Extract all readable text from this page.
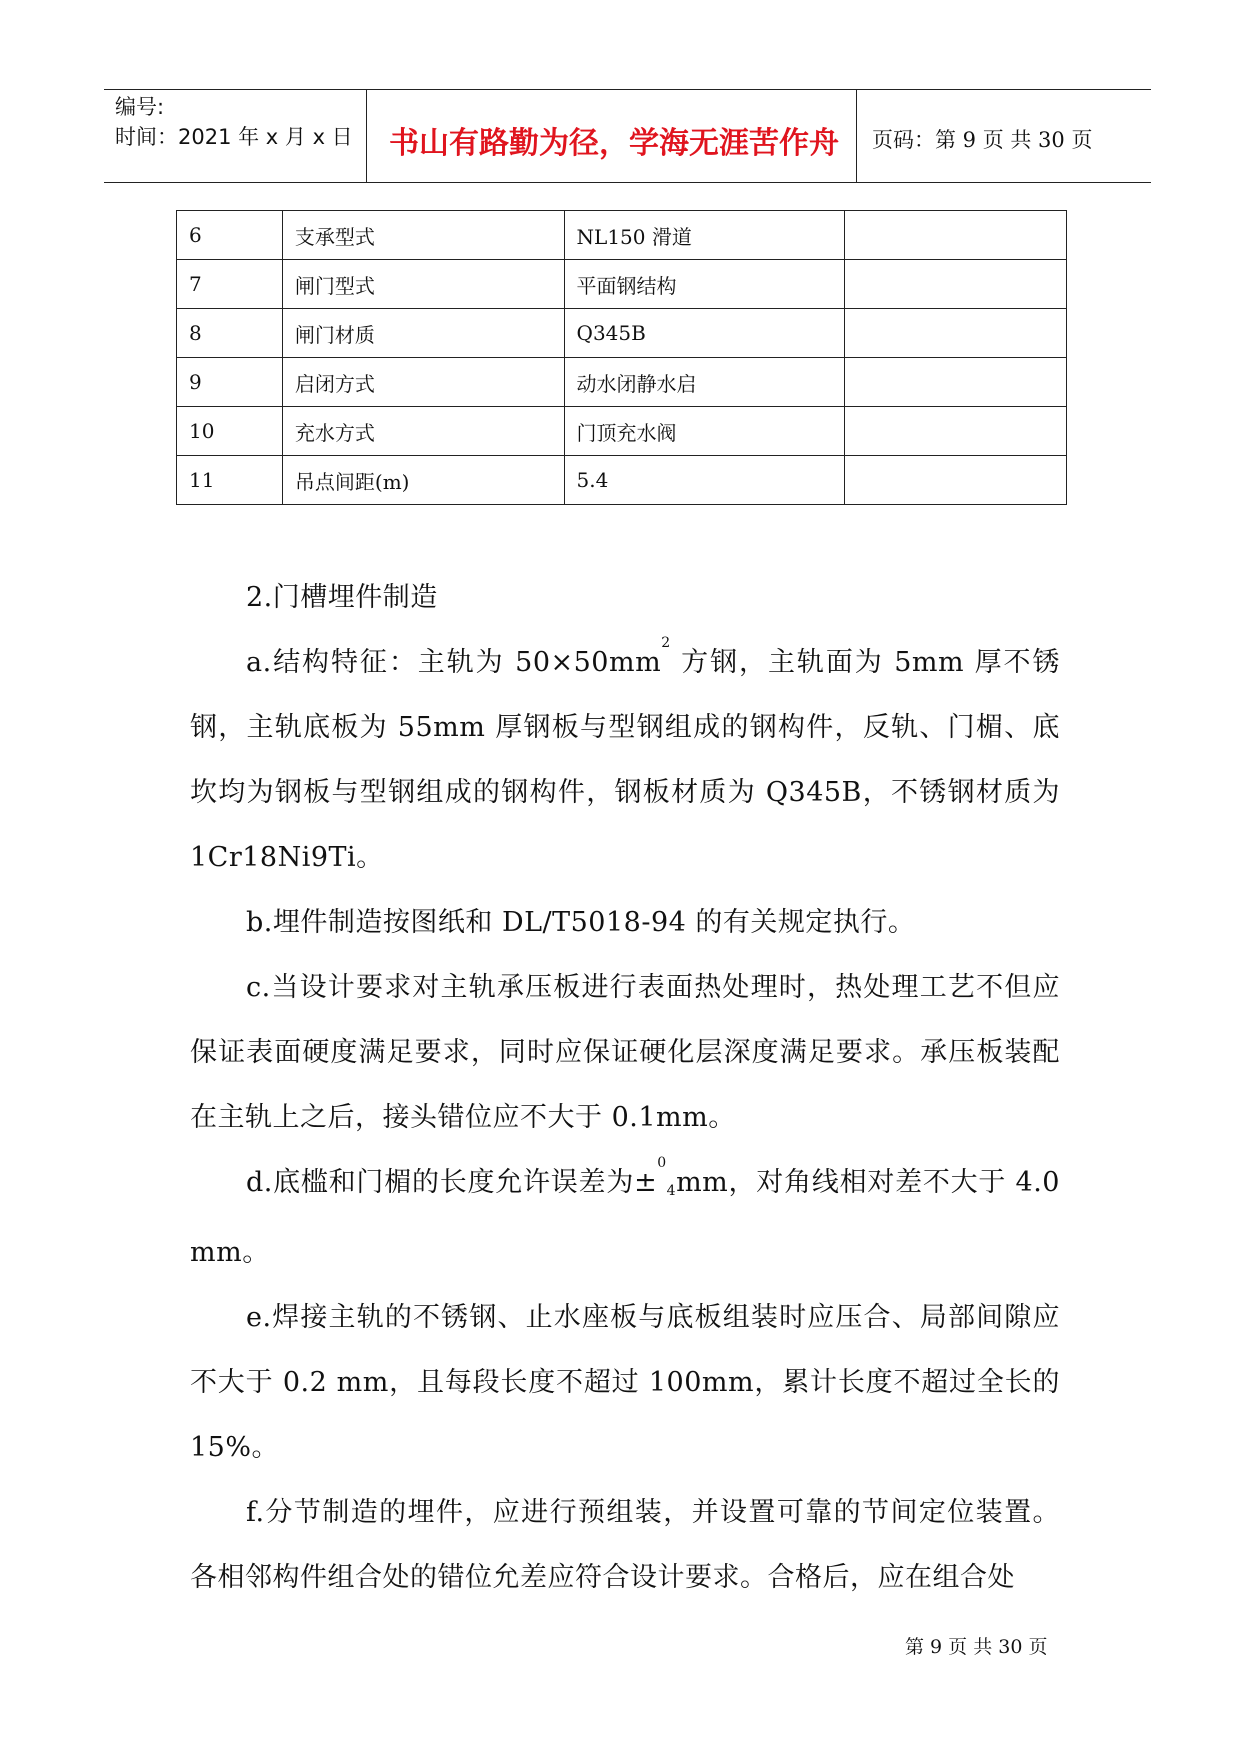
编号:
时间：2021 年 x 月 x 日	书山有路勤为径，学海无涯苦作舟	页码：第 9 页 共 30 页
6	支承型式	NL150 滑道	
7	闸门型式	平面钢结构	
8	闸门材质	Q345B	
9	启闭方式	动水闭静水启	
10	充水方式	门顶充水阀	
11	吊点间距(m)	5.4	

2.门槽埋件制造

a.结构特征：主轨为 $50\times 50mm^2$ 方钢，主轨面为 5mm 厚不锈钢，主轨底板为 55mm 厚钢板与型钢组成的钢构件，反轨、门楣、底坎均为钢板与型钢组成的钢构件，钢板材质为 Q345B，不锈钢材质为 1Cr18Ni9Ti。

b.埋件制造按图纸和 DL/T5018-94 的有关规定执行。

c.当设计要求对主轨承压板进行表面热处理时，热处理工艺不但应保证表面硬度满足要求，同时应保证硬化层深度满足要求。承压板装配在主轨上之后，接头错位应不大于 0.1mm。

d.底槛和门楣的长度允许误差为±$^0_4$mm，对角线相对差不大于 4.0 mm。

e.焊接主轨的不锈钢、止水座板与底板组装时应压合、局部间隙应不大于 0.2 mm，且每段长度不超过 100mm，累计长度不超过全长的 15%。

f.分节制造的埋件，应进行预组装，并设置可靠的节间定位装置。各相邻构件组合处的错位允差应符合设计要求。合格后，应在组合处

第 9 页 共 30 页
